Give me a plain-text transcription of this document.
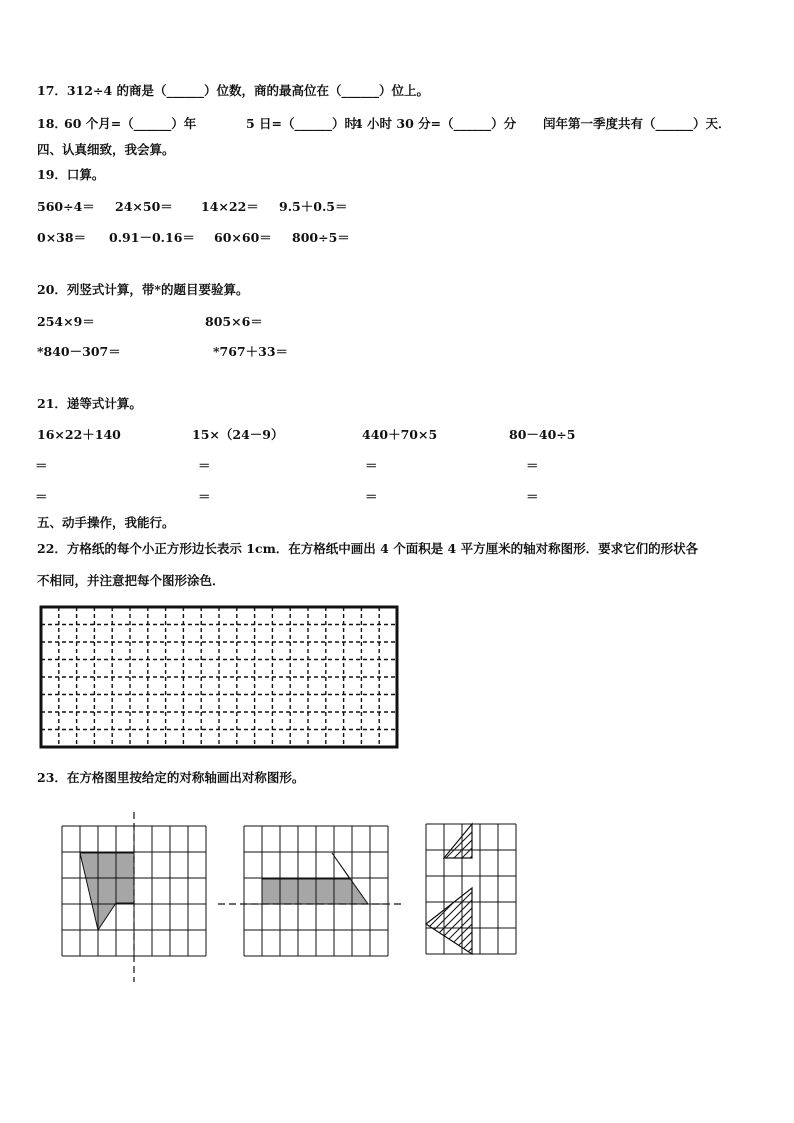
17．312÷4 的商是（______）位数，商的最高位在（______）位上。
18．
60 个月=（______）年	5 日=（______）时
4 小时 30 分=（______）分 闰年第一季度共有（______）天．
四、认真细致，我会算。
19．口算。
560÷4＝ 24×50＝ 14×22＝ 9.5＋0.5＝
0×38＝ 0.91－0.16＝ 60×60＝ 800÷5＝
20．列竖式计算，带*的题目要验算。
254×9＝	805×6＝
*840－307＝	*767＋33＝
21．递等式计算。
16×22＋140	15×（24－9）	440＋70×5	80－40÷5
＝	＝	＝	＝
＝	＝	＝	＝
五、动手操作，我能行。
22．方格纸的每个小正方形边长表示 1cm．在方格纸中画出 4 个面积是 4 平方厘米的轴对称图形．要求它们的形状各
不相同，并注意把每个图形涂色．
23．在方格图里按给定的对称轴画出对称图形。
